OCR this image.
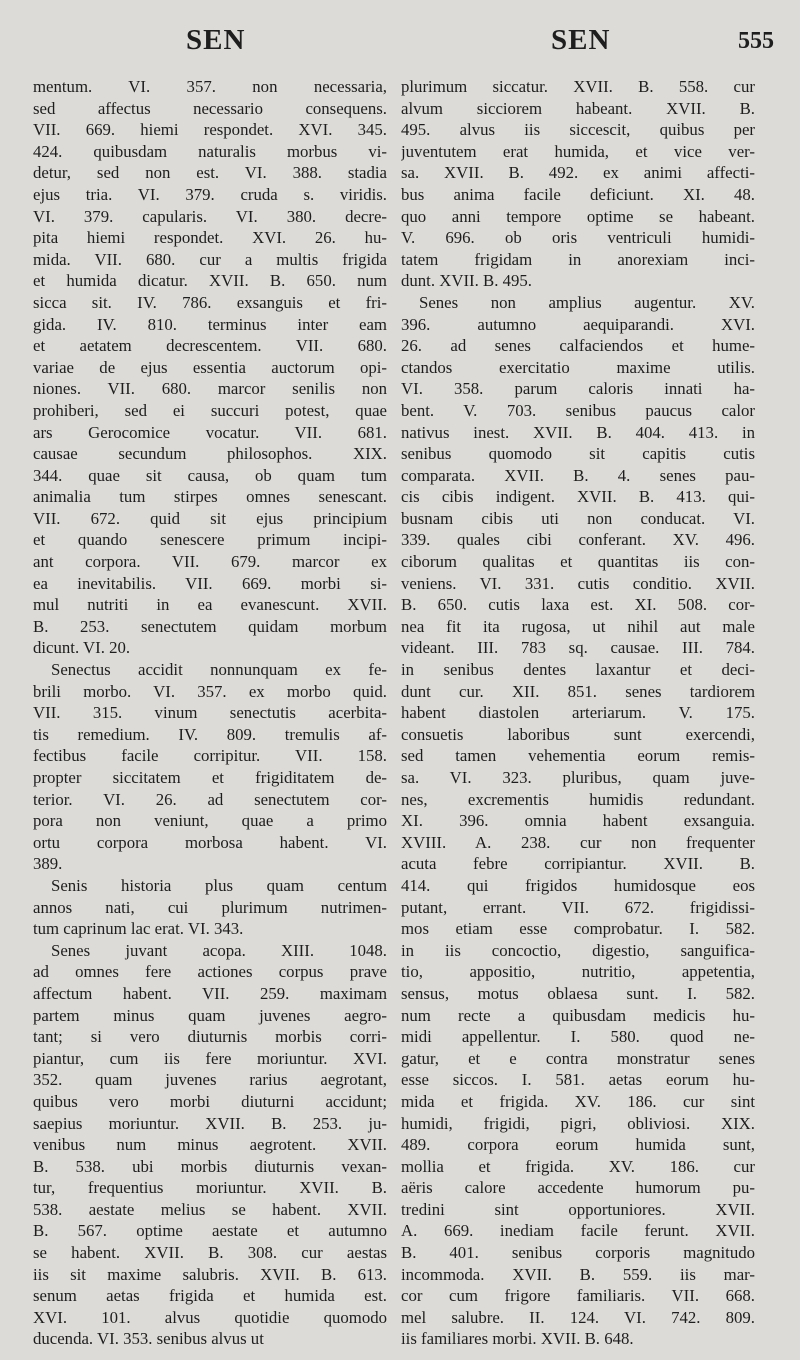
SEN	SEN	555
mentum. VI. 357. non necessaria,
sed affectus necessario consequens.
VII. 669. hiemi respondet. XVI. 345.
424. quibusdam naturalis morbus vi-
detur, sed non est. VI. 388. stadia
ejus tria. VI. 379. cruda s. viridis.
VI. 379. capularis. VI. 380. decre-
pita hiemi respondet. XVI. 26. hu-
mida. VII. 680. cur a multis frigida
et humida dicatur. XVII. B. 650. num
sicca sit. IV. 786. exsanguis et fri-
gida. IV. 810. terminus inter eam
et aetatem decrescentem. VII. 680.
variae de ejus essentia auctorum opi-
niones. VII. 680. marcor senilis non
prohiberi, sed ei succuri potest, quae
ars Gerocomice vocatur. VII. 681.
causae secundum philosophos. XIX.
344. quae sit causa, ob quam tum
animalia tum stirpes omnes senescant.
VII. 672. quid sit ejus principium
et quando senescere primum incipi-
ant corpora. VII. 679. marcor ex
ea inevitabilis. VII. 669. morbi si-
mul nutriti in ea evanescunt. XVII.
B. 253. senectutem quidam morbum
dicunt. VI. 20.
Senectus accidit nonnunquam ex fe-
brili morbo. VI. 357. ex morbo quid.
VII. 315. vinum senectutis acerbita-
tis remedium. IV. 809. tremulis af-
fectibus facile corripitur. VII. 158.
propter siccitatem et frigiditatem de-
terior. VI. 26. ad senectutem cor-
pora non veniunt, quae a primo
ortu corpora morbosa habent. VI.
389.
Senis historia plus quam centum
annos nati, cui plurimum nutrimen-
tum caprinum lac erat. VI. 343.
Senes juvant acopa. XIII. 1048.
ad omnes fere actiones corpus prave
affectum habent. VII. 259. maximam
partem minus quam juvenes aegro-
tant; si vero diuturnis morbis corri-
piantur, cum iis fere moriuntur. XVI.
352. quam juvenes rarius aegrotant,
quibus vero morbi diuturni accidunt;
saepius moriuntur. XVII. B. 253. ju-
venibus num minus aegrotent. XVII.
B. 538. ubi morbis diuturnis vexan-
tur, frequentius moriuntur. XVII. B.
538. aestate melius se habent. XVII.
B. 567. optime aestate et autumno
se habent. XVII. B. 308. cur aestas
iis sit maxime salubris. XVII. B. 613.
senum aetas frigida et humida est.
XVI. 101. alvus quotidie quomodo
ducenda. VI. 353. senibus alvus ut
plurimum siccatur. XVII. B. 558. cur
alvum sicciorem habeant. XVII. B.
495. alvus iis siccescit, quibus per
juventutem erat humida, et vice ver-
sa. XVII. B. 492. ex animi affecti-
bus anima facile deficiunt. XI. 48.
quo anni tempore optime se habeant.
V. 696. ob oris ventriculi humidi-
tatem frigidam in anorexiam inci-
dunt. XVII. B. 495.
Senes non amplius augentur. XV.
396. autumno aequiparandi. XVI.
26. ad senes calfaciendos et hume-
ctandos exercitatio maxime utilis.
VI. 358. parum caloris innati ha-
bent. V. 703. senibus paucus calor
nativus inest. XVII. B. 404. 413. in
senibus quomodo sit capitis cutis
comparata. XVII. B. 4. senes pau-
cis cibis indigent. XVII. B. 413. qui-
busnam cibis uti non conducat. VI.
339. quales cibi conferant. XV. 496.
ciborum qualitas et quantitas iis con-
veniens. VI. 331. cutis conditio. XVII.
B. 650. cutis laxa est. XI. 508. cor-
nea fit ita rugosa, ut nihil aut male
videant. III. 783 sq. causae. III. 784.
in senibus dentes laxantur et deci-
dunt cur. XII. 851. senes tardiorem
habent diastolen arteriarum. V. 175.
consuetis laboribus sunt exercendi,
sed tamen vehementia eorum remis-
sa. VI. 323. pluribus, quam juve-
nes, excrementis humidis redundant.
XI. 396. omnia habent exsanguia.
XVIII. A. 238. cur non frequenter
acuta febre corripiantur. XVII. B.
414. qui frigidos humidosque eos
putant, errant. VII. 672. frigidissi-
mos etiam esse comprobatur. I. 582.
in iis concoctio, digestio, sanguifica-
tio, appositio, nutritio, appetentia,
sensus, motus oblaesa sunt. I. 582.
num recte a quibusdam medicis hu-
midi appellentur. I. 580. quod ne-
gatur, et e contra monstratur senes
esse siccos. I. 581. aetas eorum hu-
mida et frigida. XV. 186. cur sint
humidi, frigidi, pigri, obliviosi. XIX.
489. corpora eorum humida sunt,
mollia et frigida. XV. 186. cur
aëris calore accedente humorum pu-
tredini sint opportuniores. XVII.
A. 669. inediam facile ferunt. XVII.
B. 401. senibus corporis magnitudo
incommoda. XVII. B. 559. iis mar-
cor cum frigore familiaris. VII. 668.
mel salubre. II. 124. VI. 742. 809.
iis familiares morbi. XVII. B. 648.
